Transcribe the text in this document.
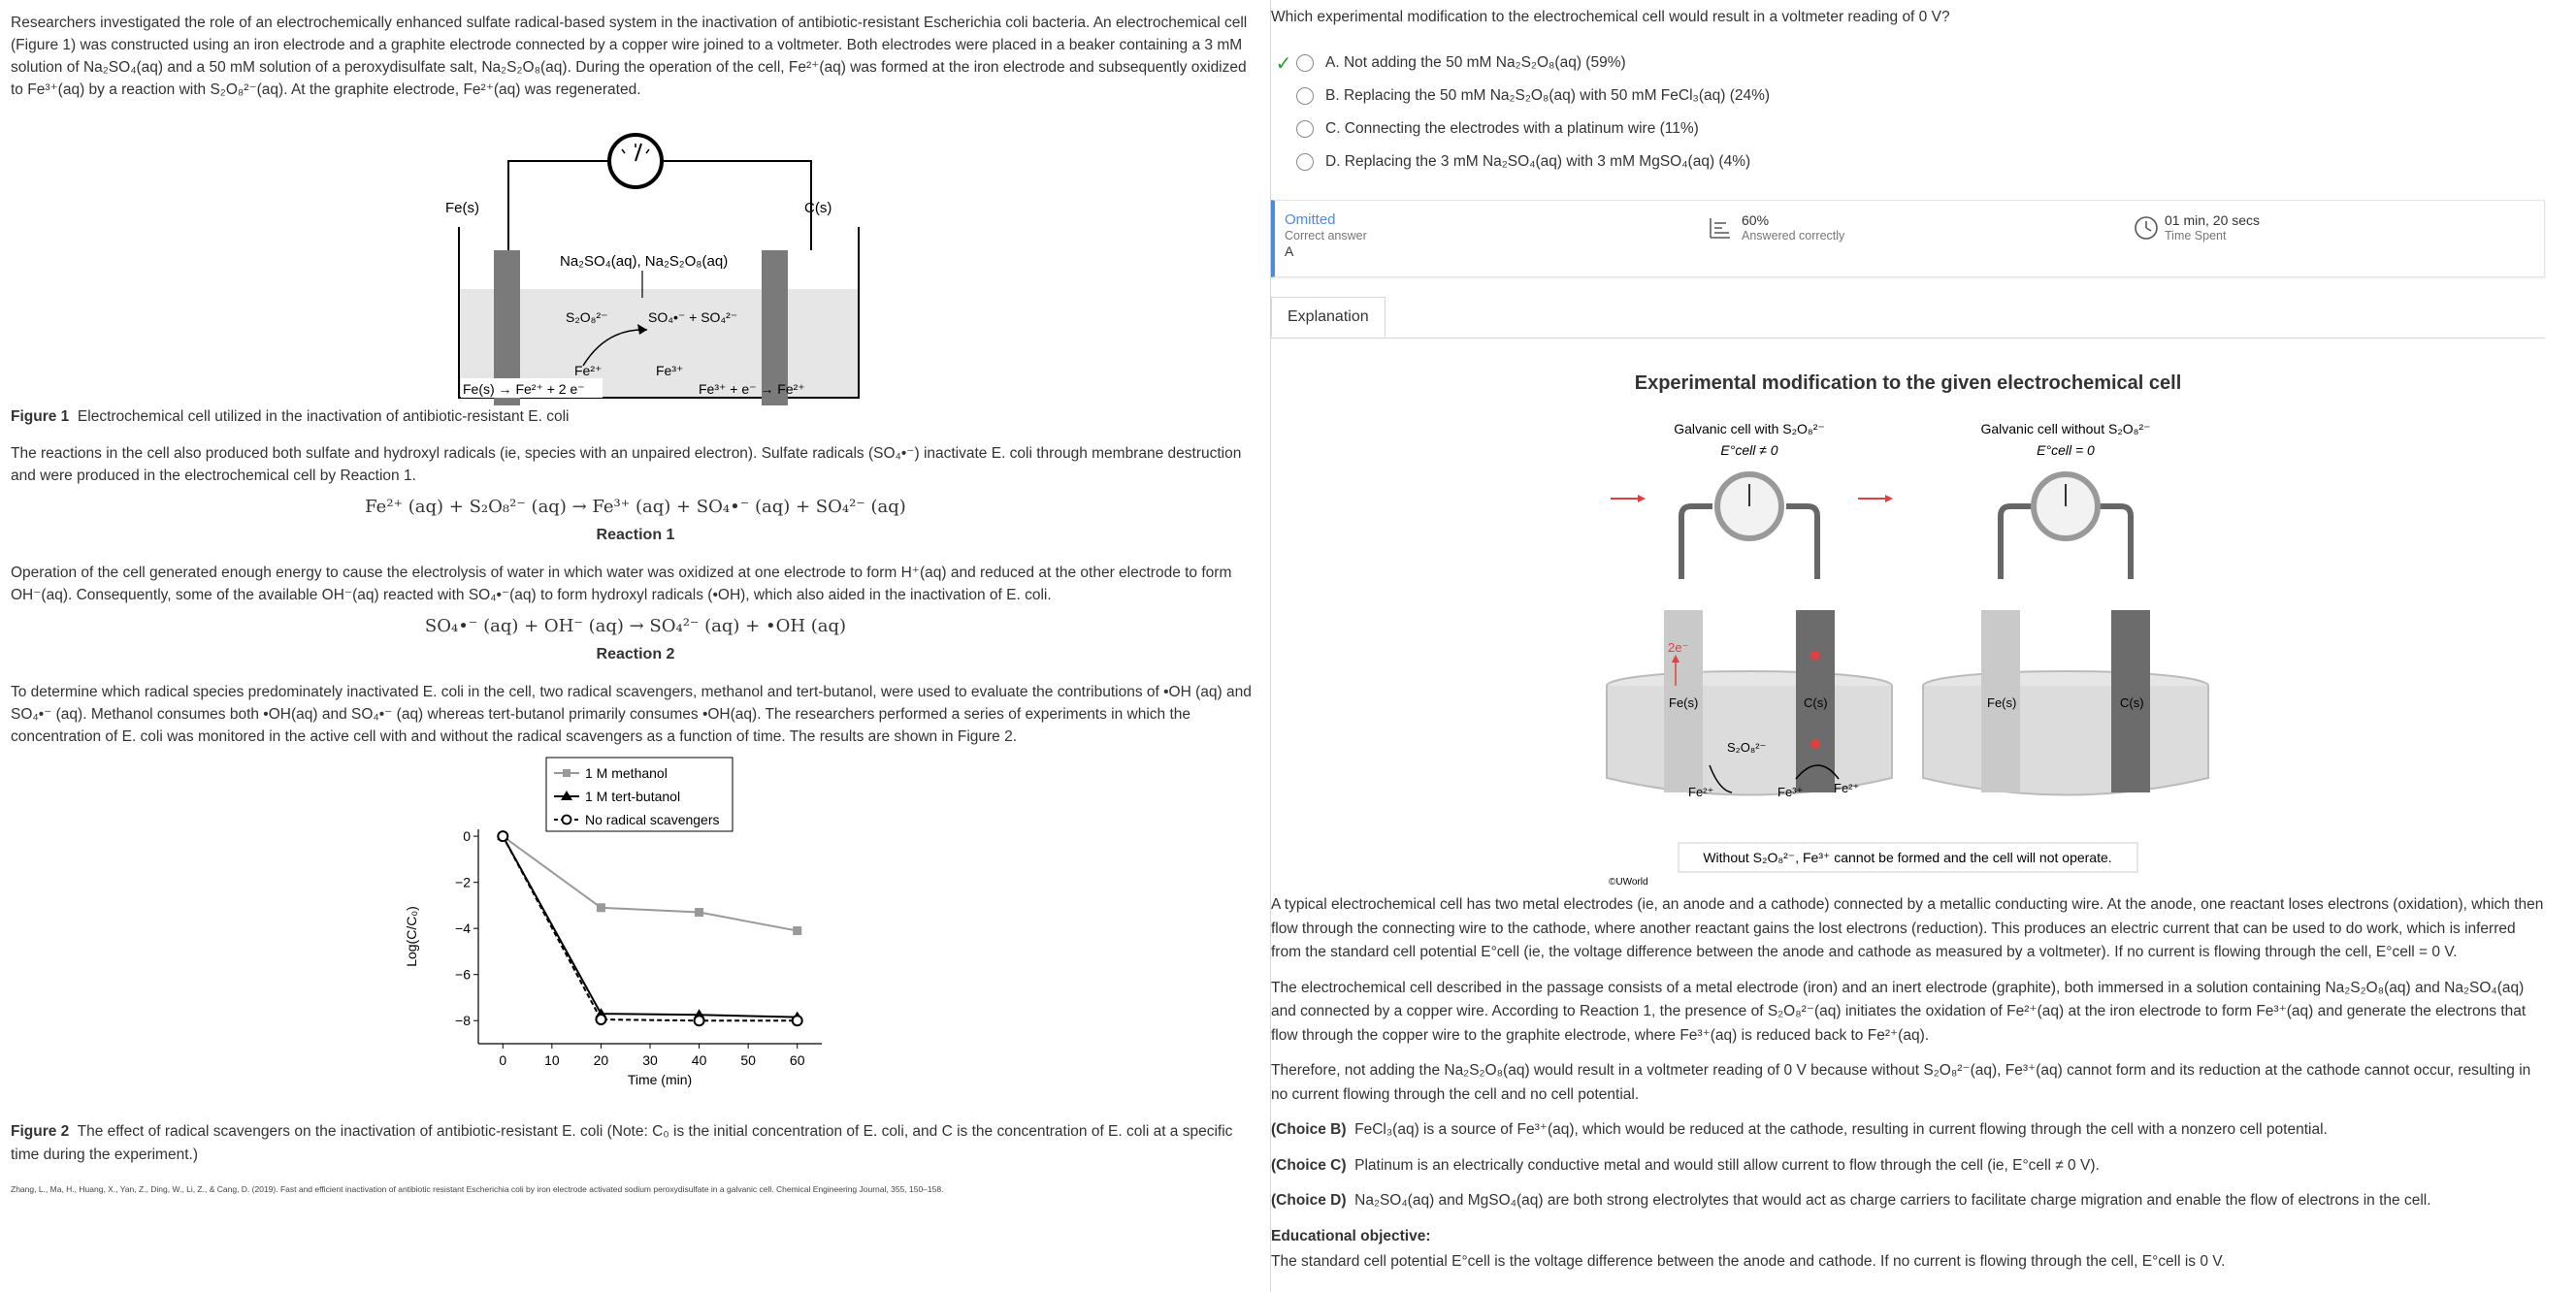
Researchers investigated the role of an electrochemically enhanced sulfate radical-based system in the inactivation of antibiotic-resistant Escherichia coli bacteria. An electrochemical cell (Figure 1) was constructed using an iron electrode and a graphite electrode connected by a copper wire joined to a voltmeter. Both electrodes were placed in a beaker containing a 3 mM solution of Na₂SO₄(aq) and a 50 mM solution of a peroxydisulfate salt, Na₂S₂O₈(aq). During the operation of the cell, Fe²⁺(aq) was formed at the iron electrode and subsequently oxidized to Fe³⁺(aq) by a reaction with S₂O₈²⁻(aq). At the graphite electrode, Fe²⁺(aq) was regenerated.

Fe(s)	C(s)
Na₂SO₄(aq), Na₂S₂O₈(aq)
S₂O₈²⁻	SO₄•⁻ + SO₄²⁻
Fe²⁺	Fe³⁺
Fe(s) → Fe²⁺ + 2 e⁻	Fe³⁺ + e⁻ → Fe²⁺

Figure 1 Electrochemical cell utilized in the inactivation of antibiotic-resistant E. coli

The reactions in the cell also produced both sulfate and hydroxyl radicals (ie, species with an unpaired electron). Sulfate radicals (SO₄•⁻) inactivate E. coli through membrane destruction and were produced in the electrochemical cell by Reaction 1.

Fe²⁺ (aq) + S₂O₈²⁻ (aq) → Fe³⁺ (aq) + SO₄•⁻ (aq) + SO₄²⁻ (aq)
Reaction 1

Operation of the cell generated enough energy to cause the electrolysis of water in which water was oxidized at one electrode to form H⁺(aq) and reduced at the other electrode to form OH⁻(aq). Consequently, some of the available OH⁻(aq) reacted with SO₄•⁻(aq) to form hydroxyl radicals (•OH), which also aided in the inactivation of E. coli.

SO₄•⁻ (aq) + OH⁻ (aq) → SO₄²⁻ (aq) + •OH (aq)
Reaction 2

To determine which radical species predominately inactivated E. coli in the cell, two radical scavengers, methanol and tert-butanol, were used to evaluate the contributions of •OH (aq) and SO₄•⁻ (aq). Methanol consumes both •OH(aq) and SO₄•⁻ (aq) whereas tert-butanol primarily consumes •OH(aq). The researchers performed a series of experiments in which the concentration of E. coli was monitored in the active cell with and without the radical scavengers as a function of time. The results are shown in Figure 2.

0
−2
−4
−6
−8
0	10 20 30 40 50 60
Time (min)
Log(C/C₀)
1 M methanol
1 M tert-butanol
No radical scavengers

Figure 2 The effect of radical scavengers on the inactivation of antibiotic-resistant E. coli (Note: C₀ is the initial concentration of E. coli, and C is the concentration of E. coli at a specific time during the experiment.)

Zhang, L., Ma, H., Huang, X., Yan, Z., Ding, W., Li, Z., & Cang, D. (2019). Fast and efficient inactivation of antibiotic resistant Escherichia coli by iron electrode activated sodium peroxydisulfate in a galvanic cell. Chemical Engineering Journal, 355, 150–158.
Which experimental modification to the electrochemical cell would result in a voltmeter reading of 0 V?
✓ A. Not adding the 50 mM Na₂S₂O₈(aq) (59%)
B. Replacing the 50 mM Na₂S₂O₈(aq) with 50 mM FeCl₃(aq) (24%)
C. Connecting the electrodes with a platinum wire (11%)
D. Replacing the 3 mM Na₂SO₄(aq) with 3 mM MgSO₄(aq) (4%)
Omitted
Correct answer
A
60%
Answered correctly
01 min, 20 secs
Time Spent
Explanation
Experimental modification to the given electrochemical cell
Galvanic cell with S₂O₈²⁻
E°cell ≠ 0
2e⁻
Fe(s)	C(s)
S₂O₈²⁻
Fe²⁺	Fe³⁺ Fe²⁺
Galvanic cell without S₂O₈²⁻
E°cell = 0
Fe(s)	C(s)
Without S₂O₈²⁻, Fe³⁺ cannot be formed and the cell will not operate.
©UWorld

A typical electrochemical cell has two metal electrodes (ie, an anode and a cathode) connected by a metallic conducting wire. At the anode, one reactant loses electrons (oxidation), which then flow through the connecting wire to the cathode, where another reactant gains the lost electrons (reduction). This produces an electric current that can be used to do work, which is inferred from the standard cell potential E°cell (ie, the voltage difference between the anode and cathode as measured by a voltmeter). If no current is flowing through the cell, E°cell = 0 V.

The electrochemical cell described in the passage consists of a metal electrode (iron) and an inert electrode (graphite), both immersed in a solution containing Na₂S₂O₈(aq) and Na₂SO₄(aq) and connected by a copper wire. According to Reaction 1, the presence of S₂O₈²⁻(aq) initiates the oxidation of Fe²⁺(aq) at the iron electrode to form Fe³⁺(aq) and generate the electrons that flow through the copper wire to the graphite electrode, where Fe³⁺(aq) is reduced back to Fe²⁺(aq).

Therefore, not adding the Na₂S₂O₈(aq) would result in a voltmeter reading of 0 V because without S₂O₈²⁻(aq), Fe³⁺(aq) cannot form and its reduction at the cathode cannot occur, resulting in no current flowing through the cell and no cell potential.

(Choice B) FeCl₃(aq) is a source of Fe³⁺(aq), which would be reduced at the cathode, resulting in current flowing through the cell with a nonzero cell potential.

(Choice C) Platinum is an electrically conductive metal and would still allow current to flow through the cell (ie, E°cell ≠ 0 V).

(Choice D) Na₂SO₄(aq) and MgSO₄(aq) are both strong electrolytes that would act as charge carriers to facilitate charge migration and enable the flow of electrons in the cell.

Educational objective:

The standard cell potential E°cell is the voltage difference between the anode and cathode. If no current is flowing through the cell, E°cell is 0 V.
